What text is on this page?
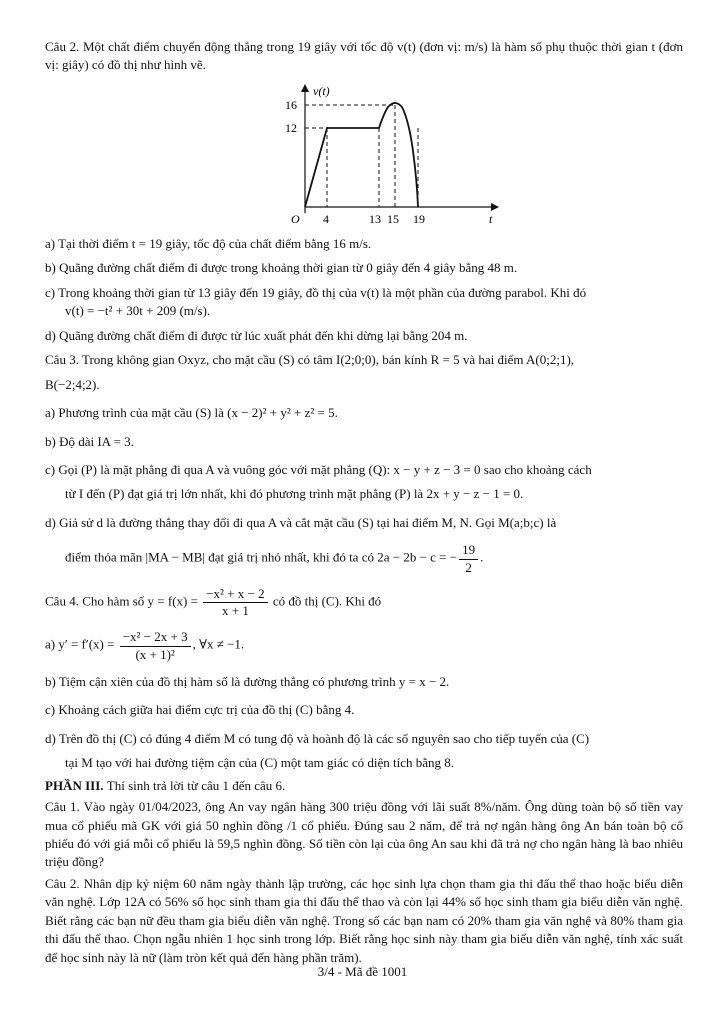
Câu 2. Một chất điểm chuyển động thẳng trong 19 giây với tốc độ v(t) (đơn vị: m/s) là hàm số phụ thuộc thời gian t (đơn vị: giây) có đồ thị như hình vẽ.

v(t)
t
O
16
12
4	13 15 19

a) Tại thời điểm t = 19 giây, tốc độ của chất điểm bằng 16 m/s.

b) Quãng đường chất điểm đi được trong khoảng thời gian từ 0 giây đến 4 giây bằng 48 m.

c) Trong khoảng thời gian từ 13 giây đến 19 giây, đồ thị của v(t) là một phần của đường parabol. Khi đó

v(t) = −t² + 30t + 209 (m/s).

d) Quãng đường chất điểm đi được từ lúc xuất phát đến khi dừng lại bằng 204 m.

Câu 3. Trong không gian Oxyz, cho mặt cầu (S) có tâm I(2;0;0), bán kính R = 5 và hai điểm A(0;2;1),

B(−2;4;2).

a) Phương trình của mặt cầu (S) là (x − 2)² + y² + z² = 5.

b) Độ dài IA = 3.

c) Gọi (P) là mặt phẳng đi qua A và vuông góc với mặt phẳng (Q): x − y + z − 3 = 0 sao cho khoảng cách

từ I đến (P) đạt giá trị lớn nhất, khi đó phương trình mặt phẳng (P) là 2x + y − z − 1 = 0.

d) Giả sử d là đường thẳng thay đổi đi qua A và cắt mặt cầu (S) tại hai điểm M, N. Gọi M(a;b;c) là

điểm thỏa mãn |MA − MB| đạt giá trị nhỏ nhất, khi đó ta có 2a − 2b − c = − $\frac{19}{2}$ .

Câu 4. Cho hàm số $y = f(x) = \frac{\text{−x² + x − 2}}{x + 1}$ có đồ thị (C). Khi đó

a) $y' = f'(x) = \frac{\text{−x² − 2x + 3}}{\text{(x + 1)²}}$ , ∀x ≠ −1.

b) Tiệm cận xiên của đồ thị hàm số là đường thẳng có phương trình y = x − 2.

c) Khoảng cách giữa hai điểm cực trị của đồ thị (C) bằng 4.

d) Trên đồ thị (C) có đúng 4 điểm M có tung độ và hoành độ là các số nguyên sao cho tiếp tuyến của (C)

tại M tạo với hai đường tiệm cận của (C) một tam giác có diện tích bằng 8.

PHẦN III. Thí sinh trả lời từ câu 1 đến câu 6.

Câu 1. Vào ngày 01/04/2023, ông An vay ngân hàng 300 triệu đồng với lãi suất 8%/năm. Ông dùng toàn bộ số tiền vay mua cổ phiếu mã GK với giá 50 nghìn đồng /1 cổ phiếu. Đúng sau 2 năm, để trả nợ ngân hàng ông An bán toàn bộ cổ phiếu đó với giá mỗi cổ phiếu là 59,5 nghìn đồng. Số tiền còn lại của ông An sau khi đã trả nợ cho ngân hàng là bao nhiêu triệu đồng?

Câu 2. Nhân dịp kỷ niệm 60 năm ngày thành lập trường, các học sinh lựa chọn tham gia thi đấu thể thao hoặc biểu diễn văn nghệ. Lớp 12A có 56% số học sinh tham gia thi đấu thể thao và còn lại 44% số học sinh tham gia biểu diễn văn nghệ. Biết rằng các bạn nữ đều tham gia biểu diễn văn nghệ. Trong số các bạn nam có 20% tham gia văn nghệ và 80% tham gia thi đấu thể thao. Chọn ngẫu nhiên 1 học sinh trong lớp. Biết rằng học sinh này tham gia biểu diễn văn nghệ, tính xác suất để học sinh này là nữ (làm tròn kết quả đến hàng phần trăm).

3/4 - Mã đề 1001
